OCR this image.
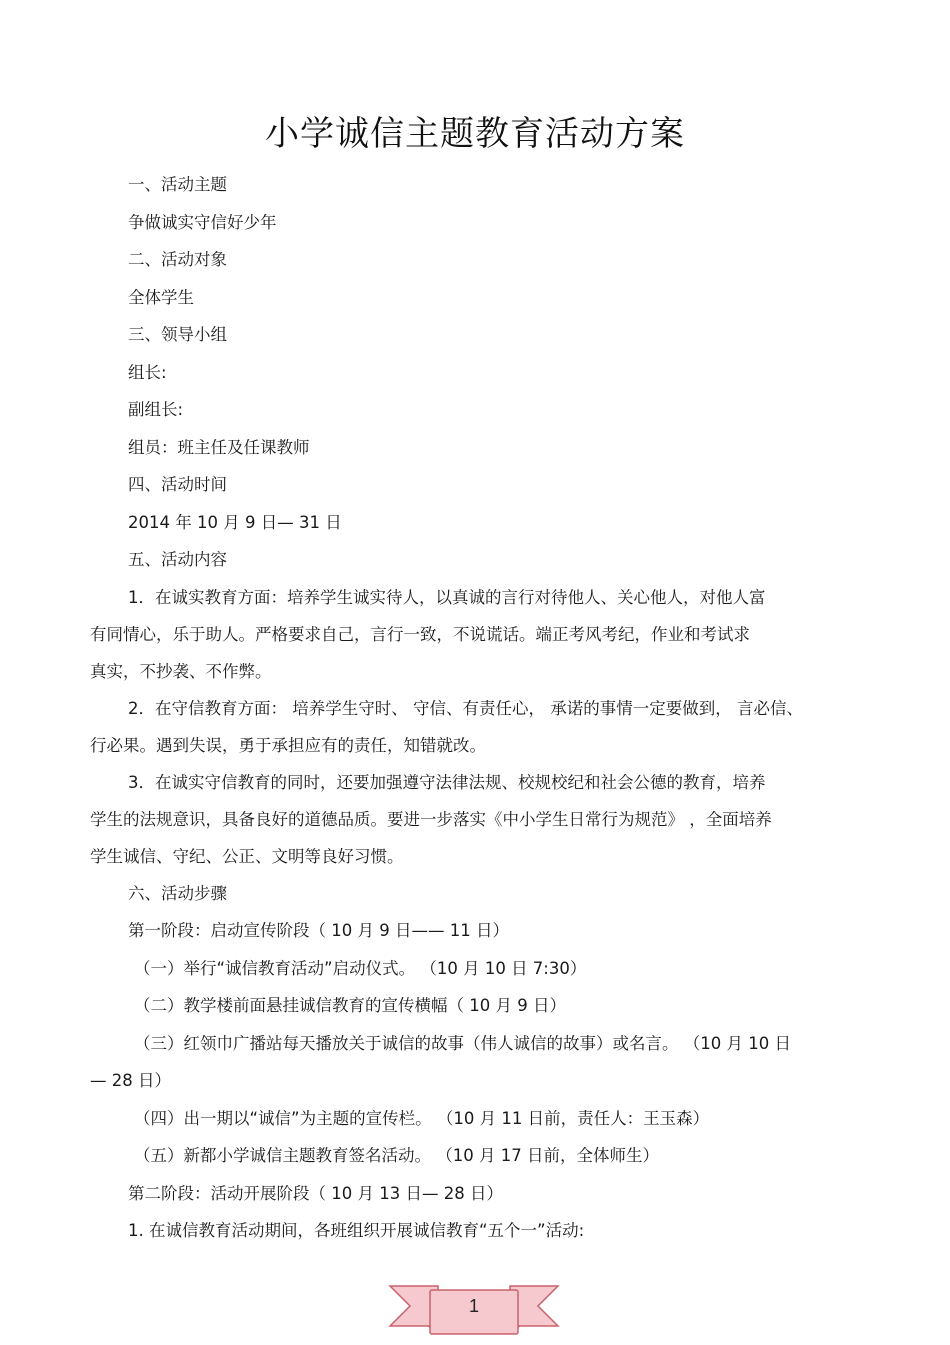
小学诚信主题教育活动方案
一、活动主题
争做诚实守信好少年
二、活动对象
全体学生
三、领导小组
组长:
副组长:
组员：班主任及任课教师
四、活动时间
2014 年 10 月 9 日— 31 日
五、活动内容
1．在诚实教育方面：培养学生诚实待人，以真诚的言行对待他人、关心他人，对他人富
有同情心，乐于助人。严格要求自己，言行一致，不说谎话。端正考风考纪，作业和考试求
真实，不抄袭、不作弊。
2．在守信教育方面： 培养学生守时、 守信、有责任心， 承诺的事情一定要做到， 言必信、
行必果。遇到失误，勇于承担应有的责任，知错就改。
3．在诚实守信教育的同时，还要加强遵守法律法规、校规校纪和社会公德的教育，培养
学生的法规意识，具备良好的道德品质。要进一步落实《中小学生日常行为规范》 ，全面培养
学生诚信、守纪、公正、文明等良好习惯。
六、活动步骤
第一阶段：启动宣传阶段（ 10 月 9 日—— 11 日）
（一）举行“诚信教育活动”启动仪式。 （10 月 10 日 7:30）
（二）教学楼前面悬挂诚信教育的宣传横幅（ 10 月 9 日）
（三）红领巾广播站每天播放关于诚信的故事（伟人诚信的故事）或名言。 （10 月 10 日
— 28 日）
（四）出一期以“诚信”为主题的宣传栏。 （10 月 11 日前，责任人：王玉森）
（五）新都小学诚信主题教育签名活动。 （10 月 17 日前，全体师生）
第二阶段：活动开展阶段（ 10 月 13 日— 28 日）
1. 在诚信教育活动期间，各班组织开展诚信教育“五个一”活动:
1
